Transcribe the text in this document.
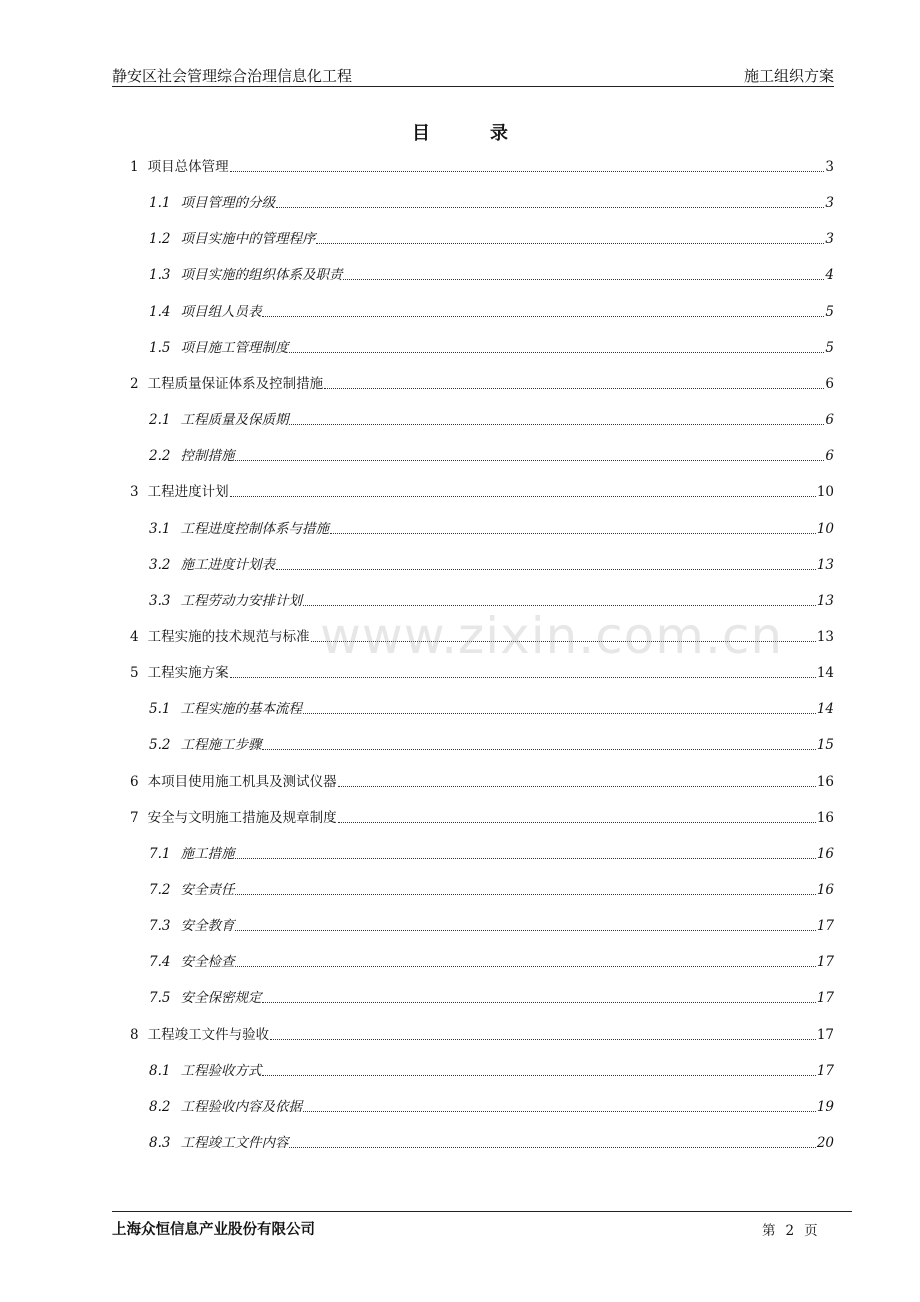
静安区社会管理综合治理信息化工程	施工组织方案
目	录
1 项目总体管理	3
1.1 项目管理的分级	3
1.2 项目实施中的管理程序	3
1.3 项目实施的组织体系及职责	4
1.4 项目组人员表	5
1.5 项目施工管理制度	5
2 工程质量保证体系及控制措施	6
2.1 工程质量及保质期	6
2.2 控制措施	6
3 工程进度计划	10
3.1 工程进度控制体系与措施	10
3.2 施工进度计划表	13
3.3 工程劳动力安排计划	13
4 工程实施的技术规范与标准	13
5 工程实施方案	14
5.1 工程实施的基本流程	14
5.2 工程施工步骤	15
6 本项目使用施工机具及测试仪器	16
7 安全与文明施工措施及规章制度	16
7.1 施工措施	16
7.2 安全责任	16
7.3 安全教育	17
7.4 安全检查	17
7.5 安全保密规定	17
8 工程竣工文件与验收	17
8.1 工程验收方式	17
8.2 工程验收内容及依据	19
8.3 工程竣工文件内容	20
www.zixin.com.cn
上海众恒信息产业股份有限公司	第 2 页
